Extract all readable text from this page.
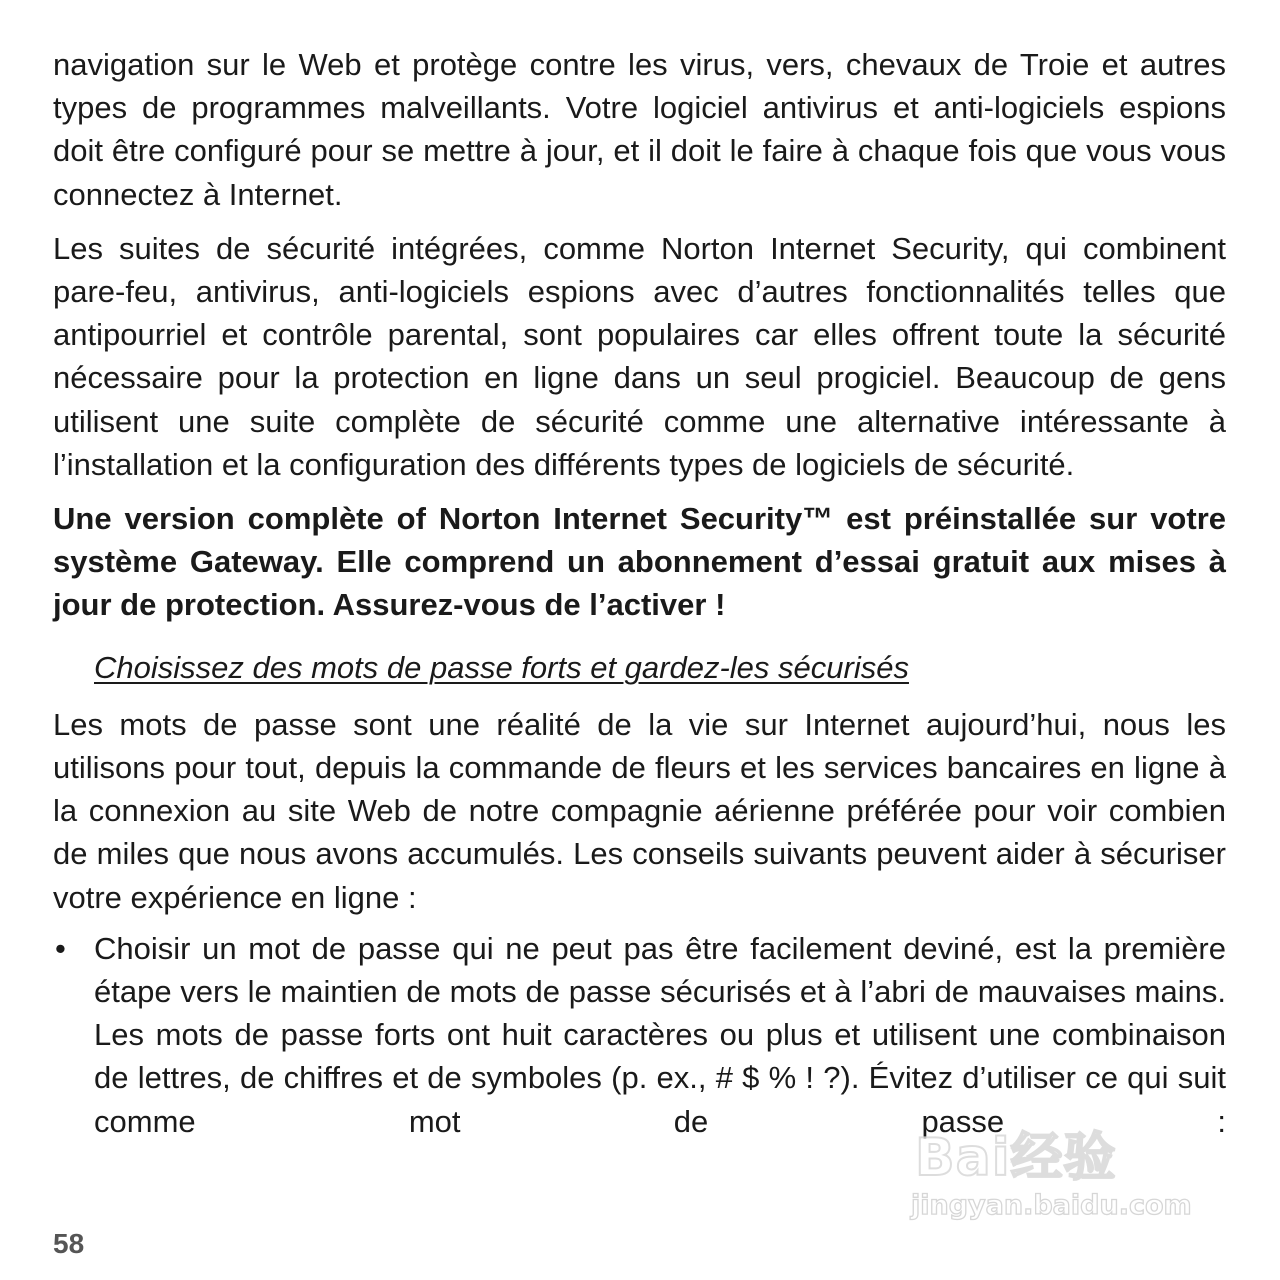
navigation sur le Web et protège contre les virus, vers, chevaux de Troie et autres types de programmes malveillants. Votre logiciel antivirus et anti-logiciels espions doit être configuré pour se mettre à jour, et il doit le faire à chaque fois que vous vous connectez à Internet.

Les suites de sécurité intégrées, comme Norton Internet Security, qui combinent pare-feu, antivirus, anti-logiciels espions avec d’autres fonctionnalités telles que antipourriel et contrôle parental, sont populaires car elles offrent toute la sécurité nécessaire pour la protection en ligne dans un seul progiciel. Beaucoup de gens utilisent une suite complète de sécurité comme une alternative intéressante à l’installation et la configuration des différents types de logiciels de sécurité.

Une version complète of Norton Internet Security™ est préinstallée sur votre système Gateway. Elle comprend un abonnement d’essai gratuit aux mises à jour de protection. Assurez-vous de l’activer !

Choisissez des mots de passe forts et gardez-les sécurisés

Les mots de passe sont une réalité de la vie sur Internet aujourd’hui, nous les utilisons pour tout, depuis la commande de fleurs et les services bancaires en ligne à la connexion au site Web de notre compagnie aérienne préférée pour voir combien de miles que nous avons accumulés. Les conseils suivants peuvent aider à sécuriser votre expérience en ligne :

• Choisir un mot de passe qui ne peut pas être facilement deviné, est la première étape vers le maintien de mots de passe sécurisés et à l’abri de mauvaises mains. Les mots de passe forts ont huit caractères ou plus et utilisent une combinaison de lettres, de chiffres et de symboles (p. ex., # $ % ! ?). Évitez d’utiliser ce qui suit comme mot de passe :
58
Bai经验
jingyan.baidu.com
